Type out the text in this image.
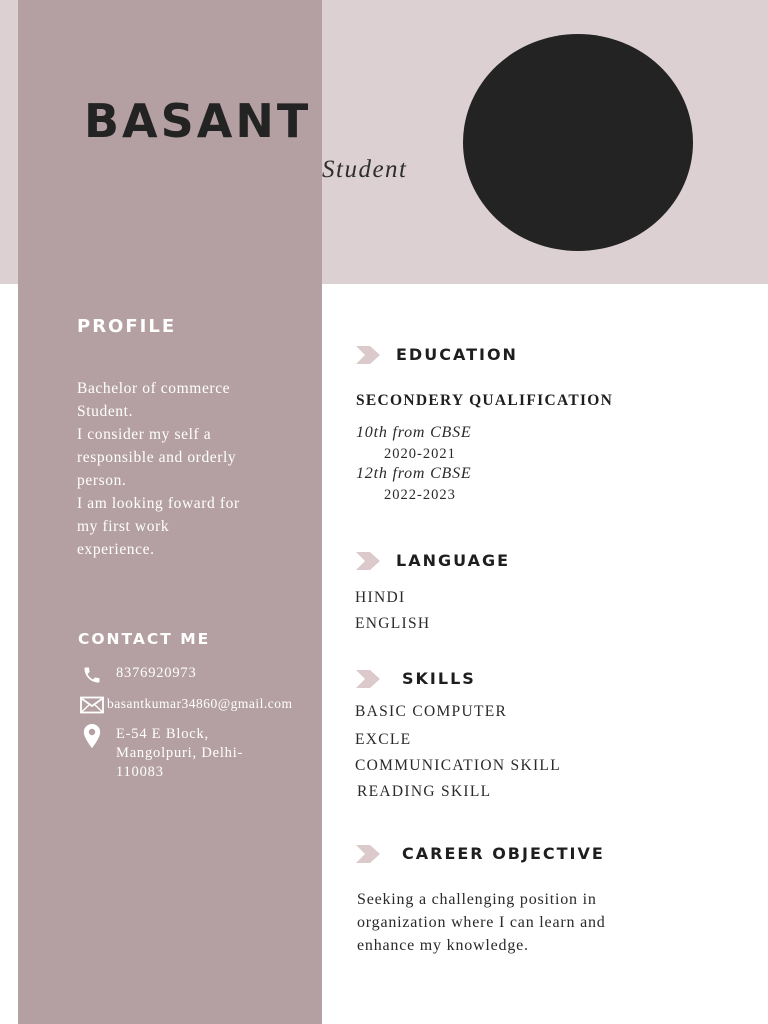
BASANT
Student
PROFILE
Bachelor of commerce
Student.
I consider my self a
responsible and orderly
person.
I am looking foward for
my first work
experience.
CONTACT ME
8376920973
basantkumar34860@gmail.com
E-54 E Block,
Mangolpuri, Delhi-
110083
EDUCATION
SECONDERY QUALIFICATION
10th from CBSE
2020-2021
12th from CBSE
2022-2023
LANGUAGE
HINDI
ENGLISH
SKILLS
BASIC COMPUTER
EXCLE
COMMUNICATION SKILL
READING SKILL
CAREER OBJECTIVE
Seeking a challenging position in
organization where I can learn and
enhance my knowledge.
